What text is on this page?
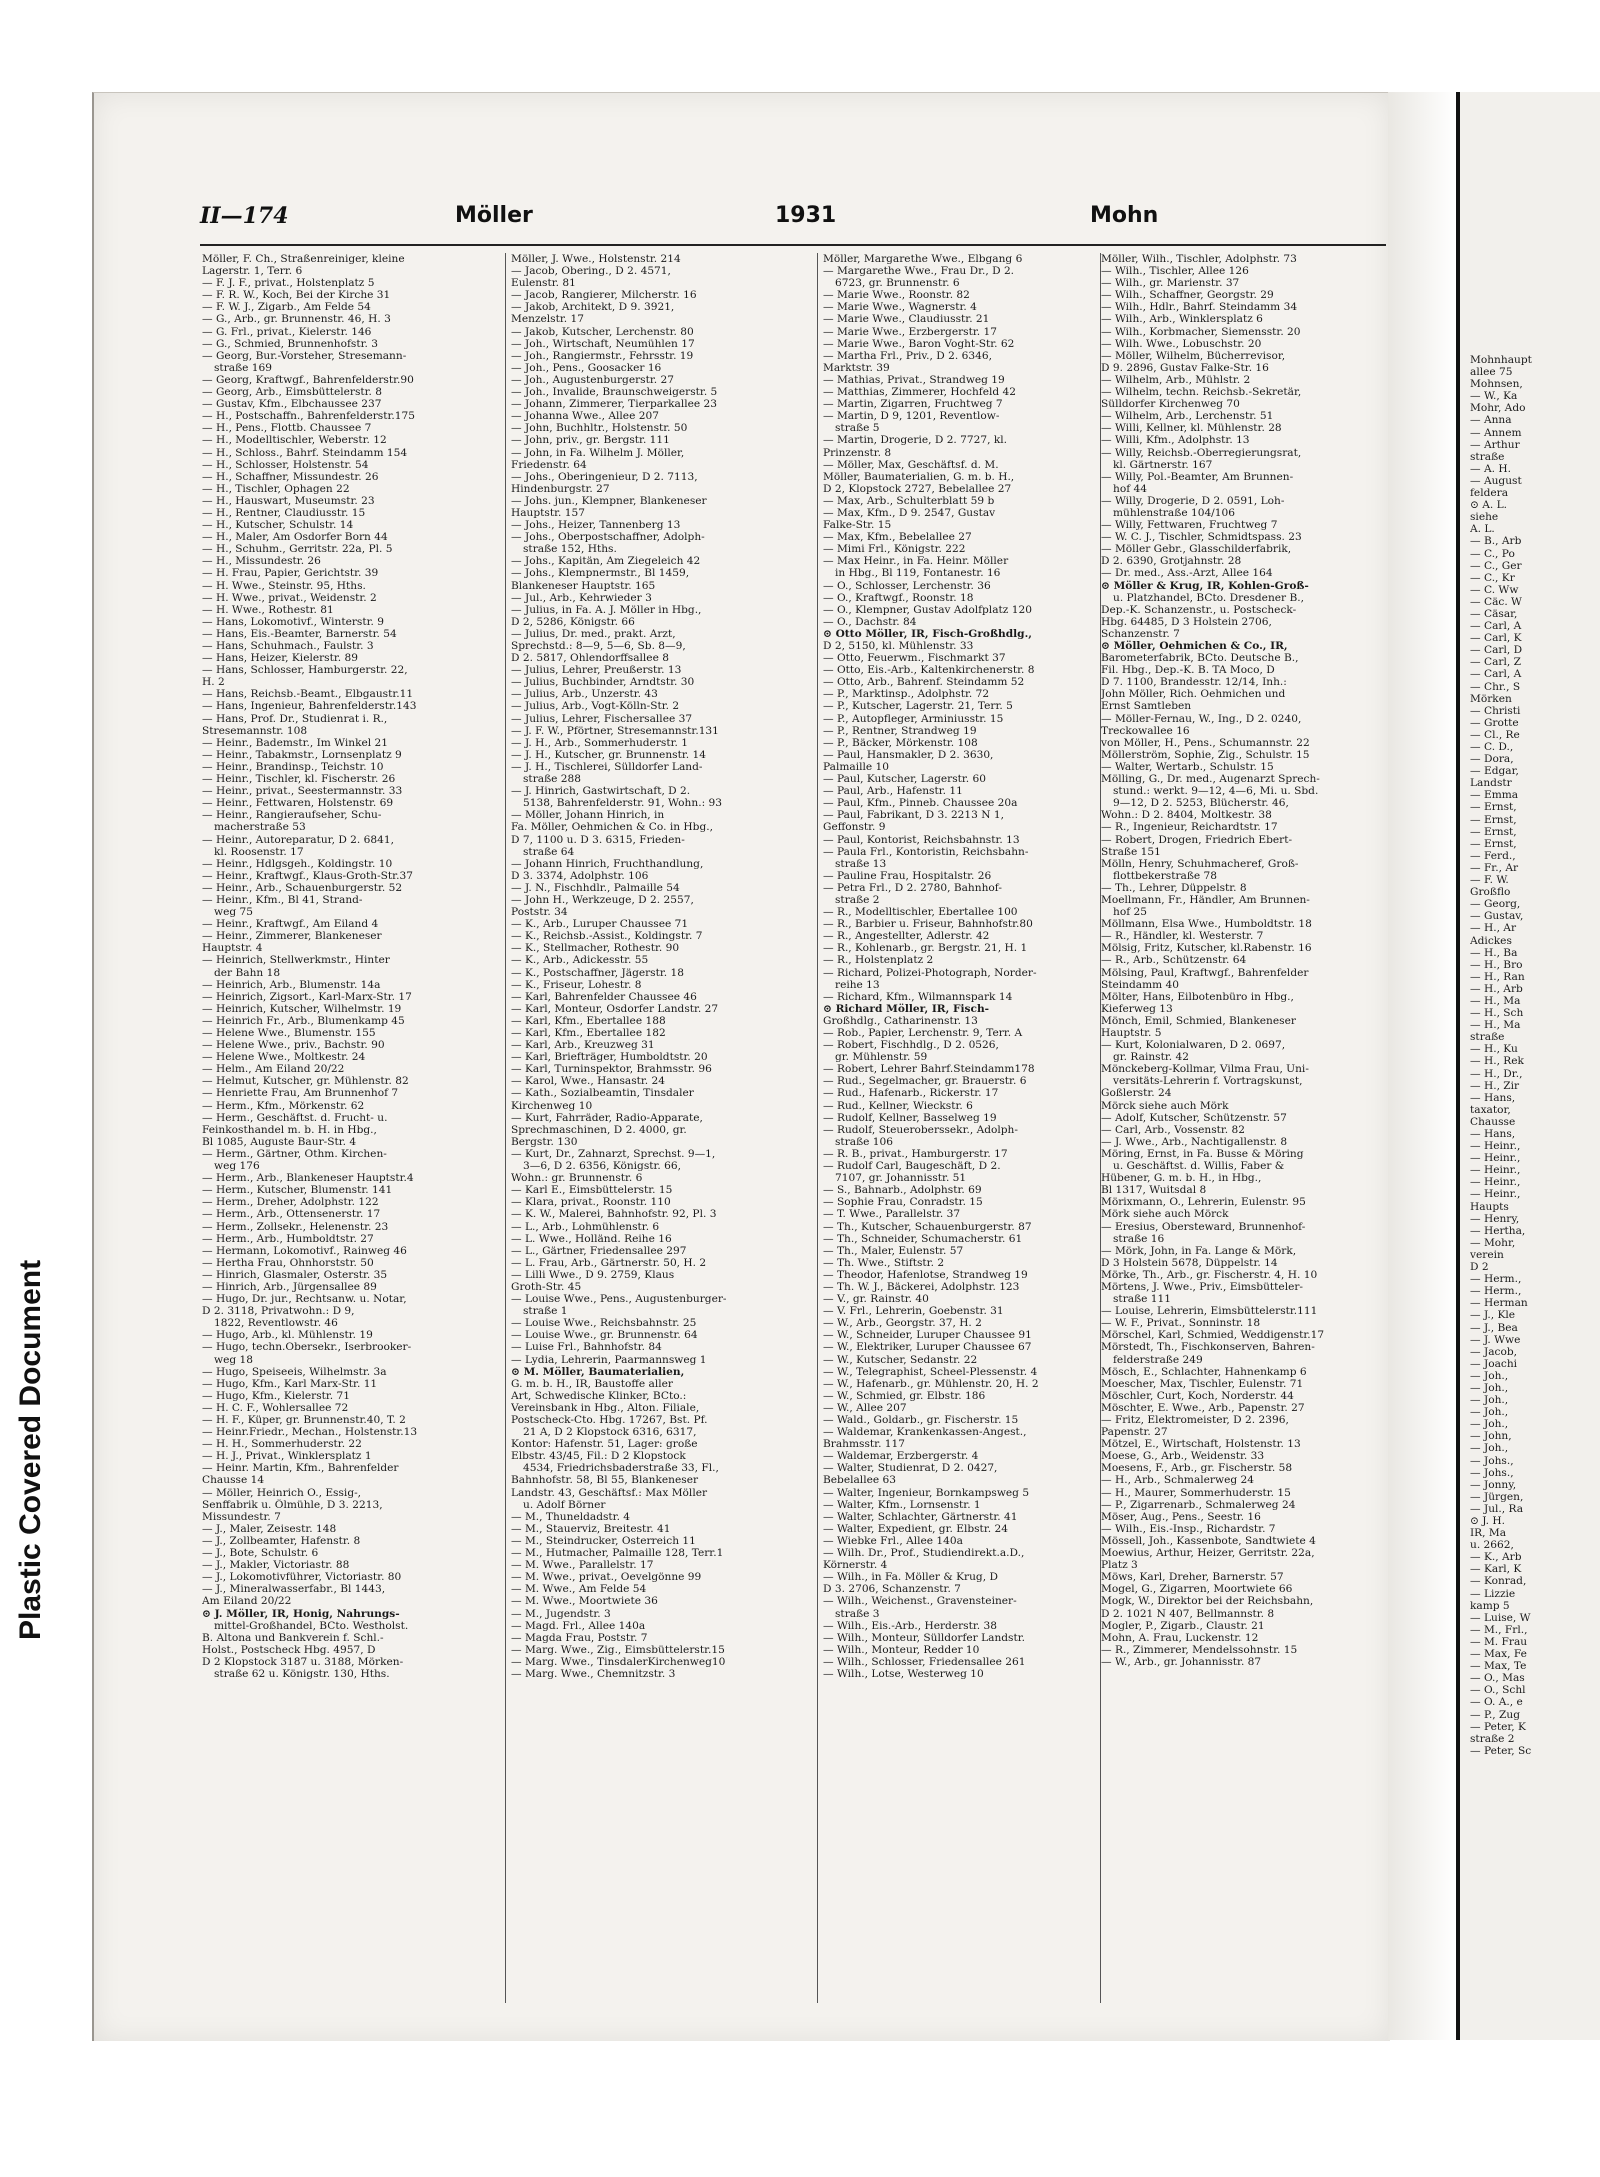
Mohnhaupt
allee 75
Mohnsen,
— W., Ka
Mohr, Ado
— Anna
— Annem
— Arthur
straße
— A. H.
— August
feldera
⊙ A. L.
siehe
A. L.
— B., Arb
— C., Po
— C., Ger
— C., Kr
— C. Ww
— Cäc. W
— Cäsar,
— Carl, A
— Carl, K
— Carl, D
— Carl, Z
— Carl, A
— Chr., S
Mörken
— Christi
— Grotte
— Cl., Re
— C. D.,
— Dora,
— Edgar,
Landstr
— Emma
— Ernst,
— Ernst,
— Ernst,
— Ernst,
— Ferd.,
— Fr., Ar
— F. W.
Großflo
— Georg,
— Gustav,
— H., Ar
Adickes
— H., Ba
— H., Bro
— H., Ran
— H., Arb
— H., Ma
— H., Sch
— H., Ma
straße
— H., Ku
— H., Rek
— H., Dr.,
— H., Zir
— Hans,
taxator,
Chausse
— Hans,
— Heinr.,
— Heinr.,
— Heinr.,
— Heinr.,
— Heinr.,
Haupts
— Henry,
— Hertha,
— Mohr,
verein
D 2
— Herm.,
— Herm.,
— Herman
— J., Kle
— J., Bea
— J. Wwe
— Jacob,
— Joachi
— Joh.,
— Joh.,
— Joh.,
— Joh.,
— Joh.,
— John,
— Joh.,
— Johs.,
— Johs.,
— Jonny,
— Jürgen,
— Jul., Ra
⊙ J. H.
IR, Ma
u. 2662,
— K., Arb
— Karl, K
— Konrad,
— Lizzie
kamp 5
— Luise, W
— M., Frl.,
— M. Frau
— Max, Fe
— Max, Te
— O., Mas
— O., Schl
— O. A., e
— P., Zug
— Peter, K
straße 2
— Peter, Sc
Plastic Covered Document
II—174	Möller	1931	Mohn
Möller, F. Ch., Straßenreiniger, kleine
Lagerstr. 1, Terr. 6
— F. J. F., privat., Holstenplatz 5
— F. R. W., Koch, Bei der Kirche 31
— F. W. J., Zigarb., Am Felde 54
— G., Arb., gr. Brunnenstr. 46, H. 3
— G. Frl., privat., Kielerstr. 146
— G., Schmied, Brunnenhofstr. 3
— Georg, Bur.-Vorsteher, Stresemann-
straße 169
— Georg, Kraftwgf., Bahrenfelderstr.90
— Georg, Arb., Eimsbüttelerstr. 8
— Gustav, Kfm., Elbchaussee 237
— H., Postschaffn., Bahrenfelderstr.175
— H., Pens., Flottb. Chaussee 7
— H., Modelltischler, Weberstr. 12
— H., Schloss., Bahrf. Steindamm 154
— H., Schlosser, Holstenstr. 54
— H., Schaffner, Missundestr. 26
— H., Tischler, Ophagen 22
— H., Hauswart, Museumstr. 23
— H., Rentner, Claudiusstr. 15
— H., Kutscher, Schulstr. 14
— H., Maler, Am Osdorfer Born 44
— H., Schuhm., Gerritstr. 22a, Pl. 5
— H., Missundestr. 26
— H. Frau, Papier, Gerichtstr. 39
— H. Wwe., Steinstr. 95, Hths.
— H. Wwe., privat., Weidenstr. 2
— H. Wwe., Rothestr. 81
— Hans, Lokomotivf., Winterstr. 9
— Hans, Eis.-Beamter, Barnerstr. 54
— Hans, Schuhmach., Faulstr. 3
— Hans, Heizer, Kielerstr. 89
— Hans, Schlosser, Hamburgerstr. 22,
H. 2
— Hans, Reichsb.-Beamt., Elbgaustr.11
— Hans, Ingenieur, Bahrenfelderstr.143
— Hans, Prof. Dr., Studienrat i. R.,
Stresemannstr. 108
— Heinr., Bademstr., Im Winkel 21
— Heinr., Tabakmstr., Lornsenplatz 9
— Heinr., Brandinsp., Teichstr. 10
— Heinr., Tischler, kl. Fischerstr. 26
— Heinr., privat., Seestermannstr. 33
— Heinr., Fettwaren, Holstenstr. 69
— Heinr., Rangieraufseher, Schu-
macherstraße 53
— Heinr., Autoreparatur, D 2. 6841,
kl. Roosenstr. 17
— Heinr., Hdlgsgeh., Koldingstr. 10
— Heinr., Kraftwgf., Klaus-Groth-Str.37
— Heinr., Arb., Schauenburgerstr. 52
— Heinr., Kfm., Bl 41, Strand-
weg 75
— Heinr., Kraftwgf., Am Eiland 4
— Heinr., Zimmerer, Blankeneser
Hauptstr. 4
— Heinrich, Stellwerkmstr., Hinter
der Bahn 18
— Heinrich, Arb., Blumenstr. 14a
— Heinrich, Zigsort., Karl-Marx-Str. 17
— Heinrich, Kutscher, Wilhelmstr. 19
— Heinrich Fr., Arb., Blumenkamp 45
— Helene Wwe., Blumenstr. 155
— Helene Wwe., priv., Bachstr. 90
— Helene Wwe., Moltkestr. 24
— Helm., Am Eiland 20/22
— Helmut, Kutscher, gr. Mühlenstr. 82
— Henriette Frau, Am Brunnenhof 7
— Herm., Kfm., Mörkenstr. 62
— Herm., Geschäftst. d. Frucht- u.
Feinkosthandel m. b. H. in Hbg.,
Bl 1085, Auguste Baur-Str. 4
— Herm., Gärtner, Othm. Kirchen-
weg 176
— Herm., Arb., Blankeneser Hauptstr.4
— Herm., Kutscher, Blumenstr. 141
— Herm., Dreher, Adolphstr. 122
— Herm., Arb., Ottensenerstr. 17
— Herm., Zollsekr., Helenenstr. 23
— Herm., Arb., Humboldtstr. 27
— Hermann, Lokomotivf., Rainweg 46
— Hertha Frau, Ohnhorststr. 50
— Hinrich, Glasmaler, Osterstr. 35
— Hinrich, Arb., Jürgensallee 89
— Hugo, Dr. jur., Rechtsanw. u. Notar,
D 2. 3118, Privatwohn.: D 9,
1822, Reventlowstr. 46
— Hugo, Arb., kl. Mühlenstr. 19
— Hugo, techn.Obersekr., Iserbrooker-
weg 18
— Hugo, Speiseeis, Wilhelmstr. 3a
— Hugo, Kfm., Karl Marx-Str. 11
— Hugo, Kfm., Kielerstr. 71
— H. C. F., Wohlersallee 72
— H. F., Küper, gr. Brunnenstr.40, T. 2
— Heinr.Friedr., Mechan., Holstenstr.13
— H. H., Sommerhuderstr. 22
— H. J., Privat., Winklersplatz 1
— Heinr. Martin, Kfm., Bahrenfelder
Chausse 14
— Möller, Heinrich O., Essig-,
Senffabrik u. Ölmühle, D 3. 2213,
Missundestr. 7
— J., Maler, Zeisestr. 148
— J., Zollbeamter, Hafenstr. 8
— J., Bote, Schulstr. 6
— J., Makler, Victoriastr. 88
— J., Lokomotivführer, Victoriastr. 80
— J., Mineralwasserfabr., Bl 1443,
Am Eiland 20/22
⊙ J. Möller, IR, Honig, Nahrungs-
mittel-Großhandel, BCto. Westholst.
B. Altona und Bankverein f. Schl.-
Holst., Postscheck Hbg. 4957, D
D 2 Klopstock 3187 u. 3188, Mörken-
straße 62 u. Königstr. 130, Hths.
Möller, J. Wwe., Holstenstr. 214
— Jacob, Obering., D 2. 4571,
Eulenstr. 81
— Jacob, Rangierer, Milcherstr. 16
— Jakob, Architekt, D 9. 3921,
Menzelstr. 17
— Jakob, Kutscher, Lerchenstr. 80
— Joh., Wirtschaft, Neumühlen 17
— Joh., Rangiermstr., Fehrsstr. 19
— Joh., Pens., Goosacker 16
— Joh., Augustenburgerstr. 27
— Joh., Invalide, Braunschweigerstr. 5
— Johann, Zimmerer, Tierparkallee 23
— Johanna Wwe., Allee 207
— John, Buchhltr., Holstenstr. 50
— John, priv., gr. Bergstr. 111
— John, in Fa. Wilhelm J. Möller,
Friedenstr. 64
— Johs., Oberingenieur, D 2. 7113,
Hindenburgstr. 27
— Johs. jun., Klempner, Blankeneser
Hauptstr. 157
— Johs., Heizer, Tannenberg 13
— Johs., Oberpostschaffner, Adolph-
straße 152, Hths.
— Johs., Kapitän, Am Ziegeleich 42
— Johs., Klempnermstr., Bl 1459,
Blankeneser Hauptstr. 165
— Jul., Arb., Kehrwieder 3
— Julius, in Fa. A. J. Möller in Hbg.,
D 2, 5286, Königstr. 66
— Julius, Dr. med., prakt. Arzt,
Sprechstd.: 8—9, 5—6, Sb. 8—9,
D 2. 5817, Ohlendorffsallee 8
— Julius, Lehrer, Preußerstr. 13
— Julius, Buchbinder, Arndtstr. 30
— Julius, Arb., Unzerstr. 43
— Julius, Arb., Vogt-Kölln-Str. 2
— Julius, Lehrer, Fischersallee 37
— J. F. W., Pförtner, Stresemannstr.131
— J. H., Arb., Sommerhuderstr. 1
— J. H., Kutscher, gr. Brunnenstr. 14
— J. H., Tischlerei, Sülldorfer Land-
straße 288
— J. Hinrich, Gastwirtschaft, D 2.
5138, Bahrenfelderstr. 91, Wohn.: 93
— Möller, Johann Hinrich, in
Fa. Möller, Oehmichen & Co. in Hbg.,
D 7, 1100 u. D 3. 6315, Frieden-
straße 64
— Johann Hinrich, Fruchthandlung,
D 3. 3374, Adolphstr. 106
— J. N., Fischhdlr., Palmaille 54
— John H., Werkzeuge, D 2. 2557,
Poststr. 34
— K., Arb., Luruper Chaussee 71
— K., Reichsb.-Assist., Koldingstr. 7
— K., Stellmacher, Rothestr. 90
— K., Arb., Adickesstr. 55
— K., Postschaffner, Jägerstr. 18
— K., Friseur, Lohestr. 8
— Karl, Bahrenfelder Chaussee 46
— Karl, Monteur, Osdorfer Landstr. 27
— Karl, Kfm., Ebertallee 188
— Karl, Kfm., Ebertallee 182
— Karl, Arb., Kreuzweg 31
— Karl, Briefträger, Humboldtstr. 20
— Karl, Turninspektor, Brahmsstr. 96
— Karol, Wwe., Hansastr. 24
— Kath., Sozialbeamtin, Tinsdaler
Kirchenweg 10
— Kurt, Fahrräder, Radio-Apparate,
Sprechmaschinen, D 2. 4000, gr.
Bergstr. 130
— Kurt, Dr., Zahnarzt, Sprechst. 9—1,
3—6, D 2. 6356, Königstr. 66,
Wohn.: gr. Brunnenstr. 6
— Karl E., Eimsbüttelerstr. 15
— Klara, privat., Roonstr. 110
— K. W., Malerei, Bahnhofstr. 92, Pl. 3
— L., Arb., Lohmühlenstr. 6
— L. Wwe., Holländ. Reihe 16
— L., Gärtner, Friedensallee 297
— L. Frau, Arb., Gärtnerstr. 50, H. 2
— Lilli Wwe., D 9. 2759, Klaus
Groth-Str. 45
— Louise Wwe., Pens., Augustenburger-
straße 1
— Louise Wwe., Reichsbahnstr. 25
— Louise Wwe., gr. Brunnenstr. 64
— Luise Frl., Bahnhofstr. 84
— Lydia, Lehrerin, Paarmannsweg 1
⊙ M. Möller, Baumaterialien,
G. m. b. H., IR, Baustoffe aller
Art, Schwedische Klinker, BCto.:
Vereinsbank in Hbg., Alton. Filiale,
Postscheck-Cto. Hbg. 17267, Bst. Pf.
21 A, D 2 Klopstock 6316, 6317,
Kontor: Hafenstr. 51, Lager: große
Elbstr. 43/45, Fil.: D 2 Klopstock
4534, Friedrichsbaderstraße 33, Fl.,
Bahnhofstr. 58, Bl 55, Blankeneser
Landstr. 43, Geschäftsf.: Max Möller
u. Adolf Börner
— M., Thuneldadstr. 4
— M., Stauerviz, Breitestr. 41
— M., Steindrucker, Osterreich 11
— M., Hutmacher, Palmaille 128, Terr.1
— M. Wwe., Parallelstr. 17
— M. Wwe., privat., Oevelgönne 99
— M. Wwe., Am Felde 54
— M. Wwe., Moortwiete 36
— M., Jugendstr. 3
— Magd. Frl., Allee 140a
— Magda Frau, Poststr. 7
— Marg. Wwe., Zig., Eimsbüttelerstr.15
— Marg. Wwe., TinsdalerKirchenweg10
— Marg. Wwe., Chemnitzstr. 3
Möller, Margarethe Wwe., Elbgang 6
— Margarethe Wwe., Frau Dr., D 2.
6723, gr. Brunnenstr. 6
— Marie Wwe., Roonstr. 82
— Marie Wwe., Wagnerstr. 4
— Marie Wwe., Claudiusstr. 21
— Marie Wwe., Erzbergerstr. 17
— Marie Wwe., Baron Voght-Str. 62
— Martha Frl., Priv., D 2. 6346,
Marktstr. 39
— Mathias, Privat., Strandweg 19
— Matthias, Zimmerer, Hochfeld 42
— Martin, Zigarren, Fruchtweg 7
— Martin, D 9, 1201, Reventlow-
straße 5
— Martin, Drogerie, D 2. 7727, kl.
Prinzenstr. 8
— Möller, Max, Geschäftsf. d. M.
Möller, Baumaterialien, G. m. b. H.,
D 2, Klopstock 2727, Bebelallee 27
— Max, Arb., Schulterblatt 59 b
— Max, Kfm., D 9. 2547, Gustav
Falke-Str. 15
— Max, Kfm., Bebelallee 27
— Mimi Frl., Königstr. 222
— Max Heinr., in Fa. Heinr. Möller
in Hbg., Bl 119, Fontanestr. 16
— O., Schlosser, Lerchenstr. 36
— O., Kraftwgf., Roonstr. 18
— O., Klempner, Gustav Adolfplatz 120
— O., Dachstr. 84
⊙ Otto Möller, IR, Fisch-Großhdlg.,
D 2, 5150, kl. Mühlenstr. 33
— Otto, Feuerwm., Fischmarkt 37
— Otto, Eis.-Arb., Kaltenkirchenerstr. 8
— Otto, Arb., Bahrenf. Steindamm 52
— P., Marktinsp., Adolphstr. 72
— P., Kutscher, Lagerstr. 21, Terr. 5
— P., Autopfleger, Arminiusstr. 15
— P., Rentner, Strandweg 19
— P., Bäcker, Mörkenstr. 108
— Paul, Hansmakler, D 2. 3630,
Palmaille 10
— Paul, Kutscher, Lagerstr. 60
— Paul, Arb., Hafenstr. 11
— Paul, Kfm., Pinneb. Chaussee 20a
— Paul, Fabrikant, D 3. 2213 N 1,
Geffonstr. 9
— Paul, Kontorist, Reichsbahnstr. 13
— Paula Frl., Kontoristin, Reichsbahn-
straße 13
— Pauline Frau, Hospitalstr. 26
— Petra Frl., D 2. 2780, Bahnhof-
straße 2
— R., Modelltischler, Ebertallee 100
— R., Barbier u. Friseur, Bahnhofstr.80
— R., Angestellter, Adlerstr. 42
— R., Kohlenarb., gr. Bergstr. 21, H. 1
— R., Holstenplatz 2
— Richard, Polizei-Photograph, Norder-
reihe 13
— Richard, Kfm., Wilmannspark 14
⊙ Richard Möller, IR, Fisch-
Großhdlg., Catharinenstr. 13
— Rob., Papier, Lerchenstr. 9, Terr. A
— Robert, Fischhdlg., D 2. 0526,
gr. Mühlenstr. 59
— Robert, Lehrer Bahrf.Steindamm178
— Rud., Segelmacher, gr. Brauerstr. 6
— Rud., Hafenarb., Rickerstr. 17
— Rud., Kellner, Wieckstr. 6
— Rudolf, Kellner, Basselweg 19
— Rudolf, Steueroberssekr., Adolph-
straße 106
— R. B., privat., Hamburgerstr. 17
— Rudolf Carl, Baugeschäft, D 2.
7107, gr. Johannisstr. 51
— S., Bahnarb., Adolphstr. 69
— Sophie Frau, Conradstr. 15
— T. Wwe., Parallelstr. 37
— Th., Kutscher, Schauenburgerstr. 87
— Th., Schneider, Schumacherstr. 61
— Th., Maler, Eulenstr. 57
— Th. Wwe., Stiftstr. 2
— Theodor, Hafenlotse, Strandweg 19
— Th. W. J., Bäckerei, Adolphstr. 123
— V., gr. Rainstr. 40
— V. Frl., Lehrerin, Goebenstr. 31
— W., Arb., Georgstr. 37, H. 2
— W., Schneider, Luruper Chaussee 91
— W., Elektriker, Luruper Chaussee 67
— W., Kutscher, Sedanstr. 22
— W., Telegraphist, Scheel-Plessenstr. 4
— W., Hafenarb., gr. Mühlenstr. 20, H. 2
— W., Schmied, gr. Elbstr. 186
— W., Allee 207
— Wald., Goldarb., gr. Fischerstr. 15
— Waldemar, Krankenkassen-Angest.,
Brahmsstr. 117
— Waldemar, Erzbergerstr. 4
— Walter, Studienrat, D 2. 0427,
Bebelallee 63
— Walter, Ingenieur, Bornkampsweg 5
— Walter, Kfm., Lornsenstr. 1
— Walter, Schlachter, Gärtnerstr. 41
— Walter, Expedient, gr. Elbstr. 24
— Wiebke Frl., Allee 140a
— Wilh. Dr., Prof., Studiendirekt.a.D.,
Körnerstr. 4
— Wilh., in Fa. Möller & Krug, D
D 3. 2706, Schanzenstr. 7
— Wilh., Weichenst., Gravensteiner-
straße 3
— Wilh., Eis.-Arb., Herderstr. 38
— Wilh., Monteur, Sülldorfer Landstr.
— Wilh., Monteur, Redder 10
— Wilh., Schlosser, Friedensallee 261
— Wilh., Lotse, Westerweg 10
Möller, Wilh., Tischler, Adolphstr. 73
— Wilh., Tischler, Allee 126
— Wilh., gr. Marienstr. 37
— Wilh., Schaffner, Georgstr. 29
— Wilh., Hdlr., Bahrf. Steindamm 34
— Wilh., Arb., Winklersplatz 6
— Wilh., Korbmacher, Siemensstr. 20
— Wilh. Wwe., Lobuschstr. 20
— Möller, Wilhelm, Bücherrevisor,
D 9. 2896, Gustav Falke-Str. 16
— Wilhelm, Arb., Mühlstr. 2
— Wilhelm, techn. Reichsb.-Sekretär,
Sülldorfer Kirchenweg 70
— Wilhelm, Arb., Lerchenstr. 51
— Willi, Kellner, kl. Mühlenstr. 28
— Willi, Kfm., Adolphstr. 13
— Willy, Reichsb.-Oberregierungsrat,
kl. Gärtnerstr. 167
— Willy, Pol.-Beamter, Am Brunnen-
hof 44
— Willy, Drogerie, D 2. 0591, Loh-
mühlenstraße 104/106
— Willy, Fettwaren, Fruchtweg 7
— W. C. J., Tischler, Schmidtspass. 23
— Möller Gebr., Glasschilderfabrik,
D 2. 6390, Grotjahnstr. 28
— Dr. med., Ass.-Arzt, Allee 164
⊙ Möller & Krug, IR, Kohlen-Groß-
u. Platzhandel, BCto. Dresdener B.,
Dep.-K. Schanzenstr., u. Postscheck-
Hbg. 64485, D 3 Holstein 2706,
Schanzenstr. 7
⊙ Möller, Oehmichen & Co., IR,
Barometerfabrik, BCto. Deutsche B.,
Fil. Hbg., Dep.-K. B. TA Moco, D
D 7. 1100, Brandesstr. 12/14, Inh.:
John Möller, Rich. Oehmichen und
Ernst Samtleben
— Möller-Fernau, W., Ing., D 2. 0240,
Treckowallee 16
von Möller, H., Pens., Schumannstr. 22
Möllerström, Sophie, Zig., Schulstr. 15
— Walter, Wertarb., Schulstr. 15
Mölling, G., Dr. med., Augenarzt Sprech-
stund.: werkt. 9—12, 4—6, Mi. u. Sbd.
9—12, D 2. 5253, Blücherstr. 46,
Wohn.: D 2. 8404, Moltkestr. 38
— R., Ingenieur, Reichardtstr. 17
— Robert, Drogen, Friedrich Ebert-
Straße 151
Mölln, Henry, Schuhmacheref, Groß-
flottbekerstraße 78
— Th., Lehrer, Düppelstr. 8
Moellmann, Fr., Händler, Am Brunnen-
hof 25
Möllmann, Elsa Wwe., Humboldtstr. 18
— R., Händler, kl. Westerstr. 7
Mölsig, Fritz, Kutscher, kl.Rabenstr. 16
— R., Arb., Schützenstr. 64
Mölsing, Paul, Kraftwgf., Bahrenfelder
Steindamm 40
Mölter, Hans, Eilbotenbüro in Hbg.,
Kieferweg 13
Mönch, Emil, Schmied, Blankeneser
Hauptstr. 5
— Kurt, Kolonialwaren, D 2. 0697,
gr. Rainstr. 42
Mönckeberg-Kollmar, Vilma Frau, Uni-
versitäts-Lehrerin f. Vortragskunst,
Goßlerstr. 24
Mörck siehe auch Mörk
— Adolf, Kutscher, Schützenstr. 57
— Carl, Arb., Vossenstr. 82
— J. Wwe., Arb., Nachtigallenstr. 8
Möring, Ernst, in Fa. Busse & Möring
u. Geschäftst. d. Willis, Faber &
Hübener, G. m. b. H., in Hbg.,
Bl 1317, Wuitsdal 8
Mörixmann, O., Lehrerin, Eulenstr. 95
Mörk siehe auch Mörck
— Eresius, Obersteward, Brunnenhof-
straße 16
— Mörk, John, in Fa. Lange & Mörk,
D 3 Holstein 5678, Düppelstr. 14
Mörke, Th., Arb., gr. Fischerstr. 4, H. 10
Mörtens, J. Wwe., Priv., Eimsbütteler-
straße 111
— Louise, Lehrerin, Eimsbüttelerstr.111
— W. F., Privat., Sonninstr. 18
Mörschel, Karl, Schmied, Weddigenstr.17
Mörstedt, Th., Fischkonserven, Bahren-
felderstraße 249
Mösch, E., Schlachter, Hahnenkamp 6
Moescher, Max, Tischler, Eulenstr. 71
Möschler, Curt, Koch, Norderstr. 44
Möschter, E. Wwe., Arb., Papenstr. 27
— Fritz, Elektromeister, D 2. 2396,
Papenstr. 27
Mötzel, E., Wirtschaft, Holstenstr. 13
Moese, G., Arb., Weidenstr. 33
Moesens, F., Arb., gr. Fischerstr. 58
— H., Arb., Schmalerweg 24
— H., Maurer, Sommerhuderstr. 15
— P., Zigarrenarb., Schmalerweg 24
Möser, Aug., Pens., Seestr. 16
— Wilh., Eis.-Insp., Richardstr. 7
Mössell, Joh., Kassenbote, Sandtwiete 4
Moewius, Arthur, Heizer, Gerritstr. 22a,
Platz 3
Möws, Karl, Dreher, Barnerstr. 57
Mogel, G., Zigarren, Moortwiete 66
Mogk, W., Direktor bei der Reichsbahn,
D 2. 1021 N 407, Bellmannstr. 8
Mogler, P., Zigarb., Claustr. 21
Mohn, A. Frau, Luckenstr. 12
— R., Zimmerer, Mendelssohnstr. 15
— W., Arb., gr. Johannisstr. 87
